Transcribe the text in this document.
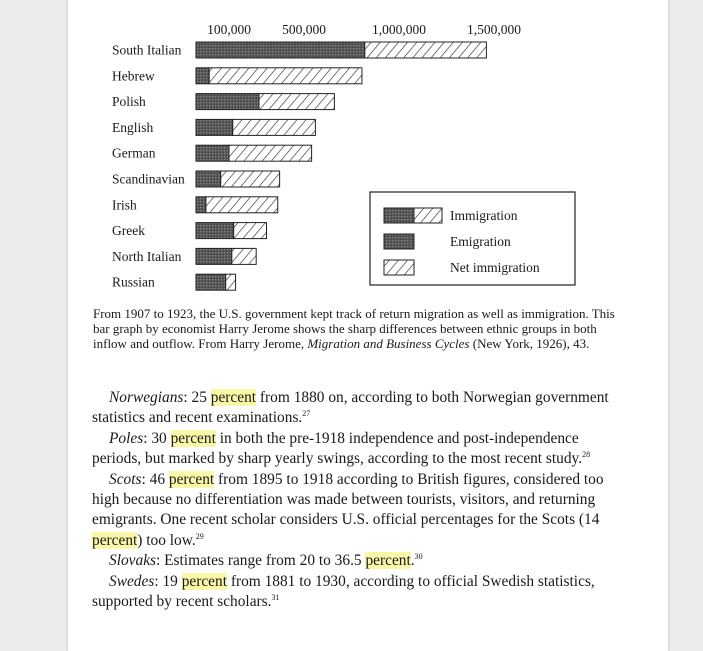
100,000 500,000	1,000,000	1,500,000
South Italian
Hebrew
Polish
English
German
Scandinavian
Irish
Greek
North Italian
Russian
Immigration
Emigration
Net immigration
From 1907 to 1923, the U.S. government kept track of return migration as well as immigration. This bar graph by economist Harry Jerome shows the sharp differences between ethnic groups in both inflow and outflow. From Harry Jerome, Migration and Business Cycles (New York, 1926), 43.

Norwegians: 25 percent from 1880 on, according to both Norwegian government statistics and recent examinations.$^{27}$

Poles: 30 percent in both the pre-1918 independence and post-independence periods, but marked by sharp yearly swings, according to the most recent study.$^{28}$

Scots: 46 percent from 1895 to 1918 according to British figures, considered too high because no differentiation was made between tourists, visitors, and returning emigrants. One recent scholar considers U.S. official percentages for the Scots (14 percent) too low.$^{29}$

Slovaks: Estimates range from 20 to 36.5 percent.$^{30}$

Swedes: 19 percent from 1881 to 1930, according to official Swedish statistics, supported by recent scholars.$^{31}$
